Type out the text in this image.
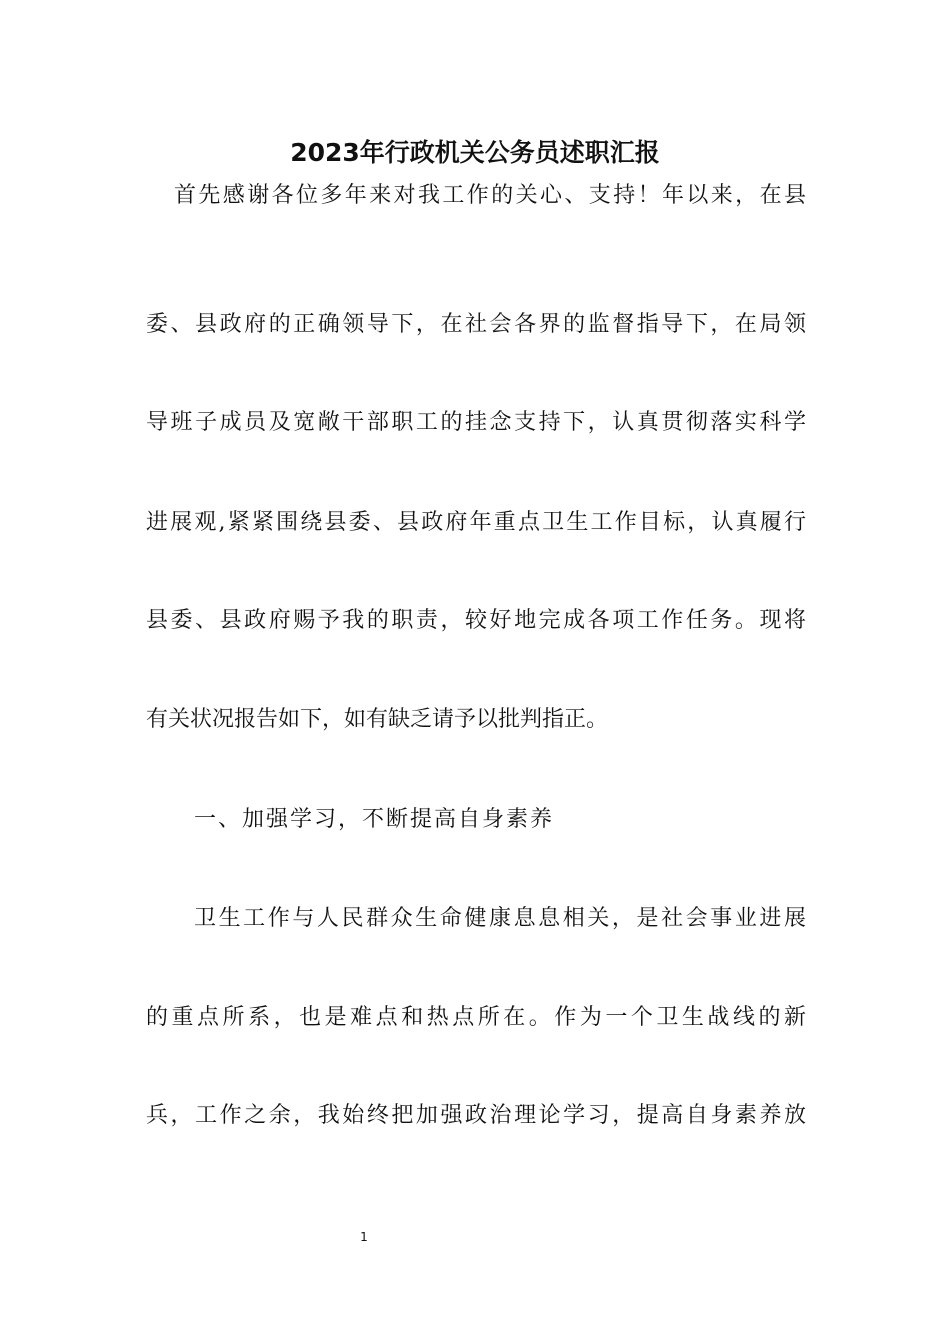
2023年行政机关公务员述职汇报
首先感谢各位多年来对我工作的关心、支持！年以来，在县
委、县政府的正确领导下，在社会各界的监督指导下，在局领
导班子成员及宽敞干部职工的挂念支持下，认真贯彻落实科学
进展观,紧紧围绕县委、县政府年重点卫生工作目标，认真履行
县委、县政府赐予我的职责，较好地完成各项工作任务。现将
有关状况报告如下，如有缺乏请予以批判指正。
一、加强学习，不断提高自身素养
卫生工作与人民群众生命健康息息相关，是社会事业进展
的重点所系，也是难点和热点所在。作为一个卫生战线的新
兵，工作之余，我始终把加强政治理论学习，提高自身素养放
1
